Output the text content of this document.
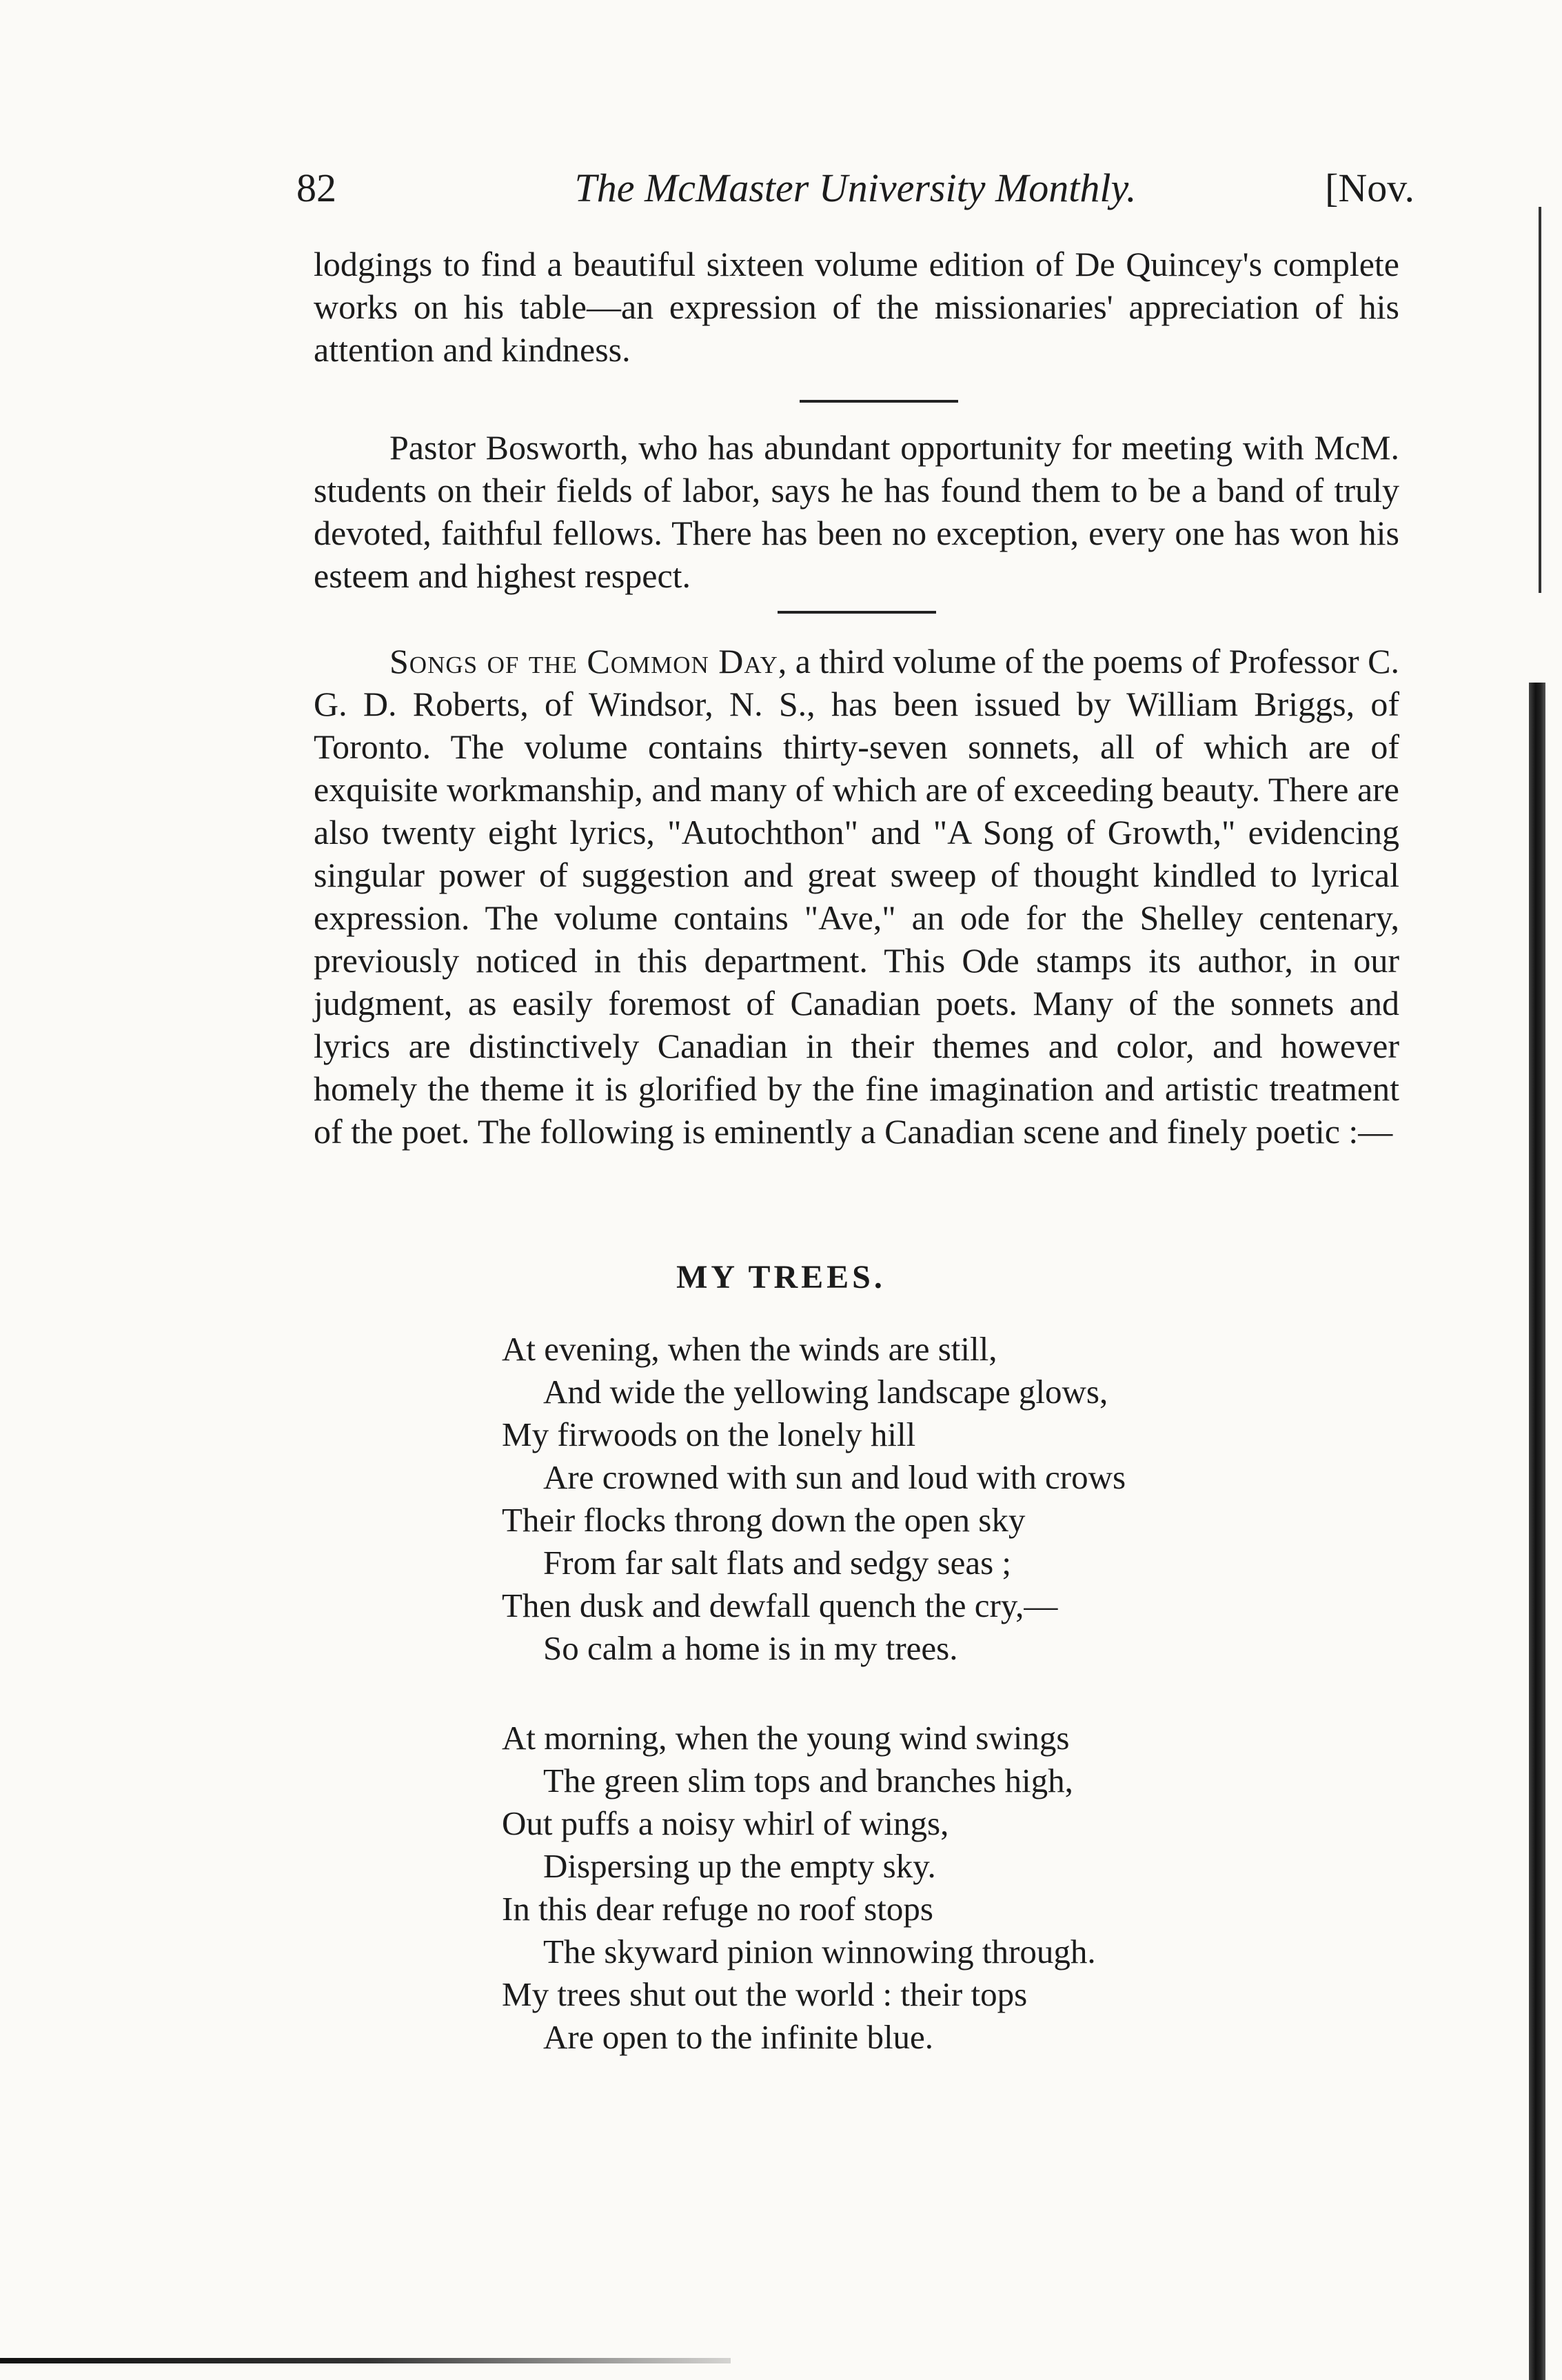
82	The McMaster University Monthly.	[Nov.

lodgings to find a beautiful sixteen volume edition of De Quincey's complete works on his table—an expression of the missionaries' appreciation of his attention and kindness.

Pastor Bosworth, who has abundant opportunity for meeting with McM. students on their fields of labor, says he has found them to be a band of truly devoted, faithful fellows. There has been no exception, every one has won his esteem and highest respect.

Songs of the Common Day, a third volume of the poems of Professor C. G. D. Roberts, of Windsor, N. S., has been issued by William Briggs, of Toronto. The volume contains thirty-seven sonnets, all of which are of exquisite workmanship, and many of which are of exceeding beauty. There are also twenty eight lyrics, "Autochthon" and "A Song of Growth," evidencing singular power of suggestion and great sweep of thought kindled to lyrical expression. The volume contains "Ave," an ode for the Shelley centenary, previously noticed in this department. This Ode stamps its author, in our judgment, as easily foremost of Canadian poets. Many of the sonnets and lyrics are distinctively Canadian in their themes and color, and however homely the theme it is glorified by the fine imagination and artistic treatment of the poet. The following is eminently a Canadian scene and finely poetic :—

MY TREES.
At evening, when the winds are still,
And wide the yellowing landscape glows,
My firwoods on the lonely hill
Are crowned with sun and loud with crows
Their flocks throng down the open sky
From far salt flats and sedgy seas ;
Then dusk and dewfall quench the cry,—
So calm a home is in my trees.
At morning, when the young wind swings
The green slim tops and branches high,
Out puffs a noisy whirl of wings,
Dispersing up the empty sky.
In this dear refuge no roof stops
The skyward pinion winnowing through.
My trees shut out the world : their tops
Are open to the infinite blue.
